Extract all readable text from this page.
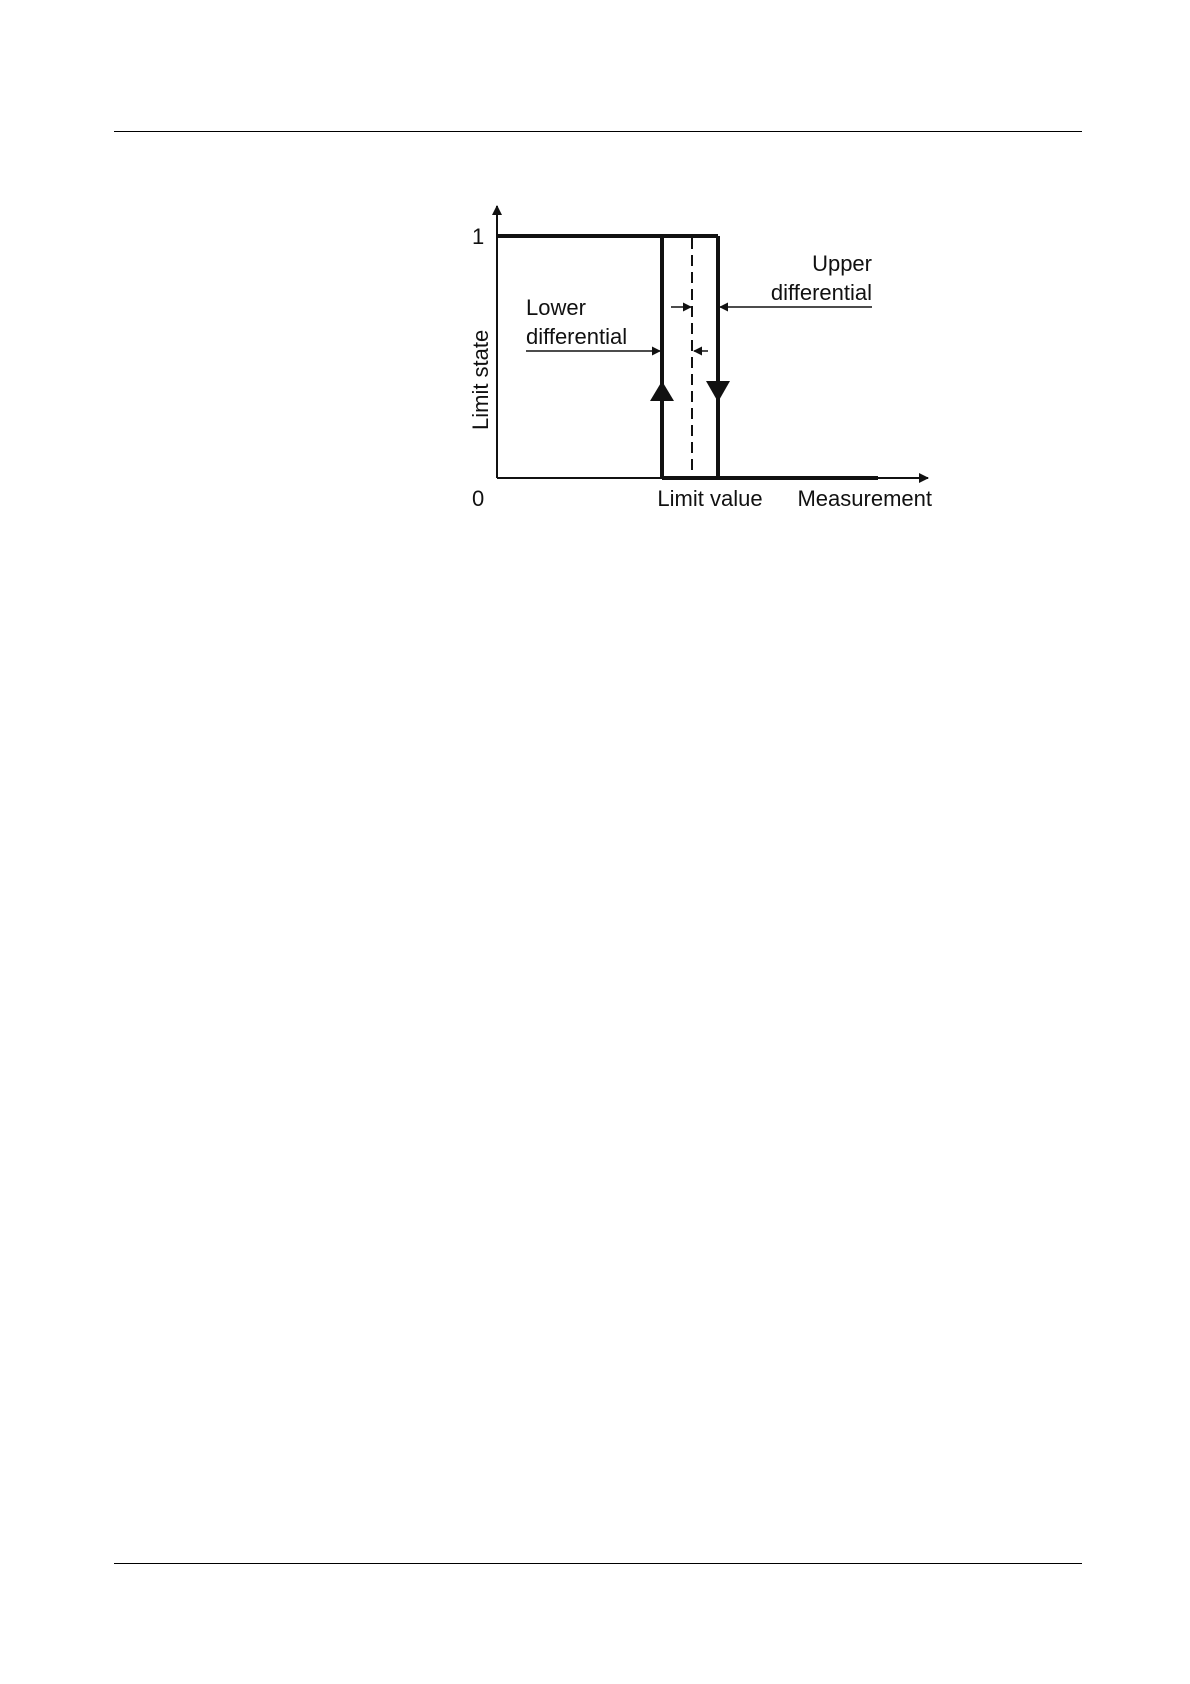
1
0
Limit state
Limit value Measurement
Lower
differential
Upper
differential
